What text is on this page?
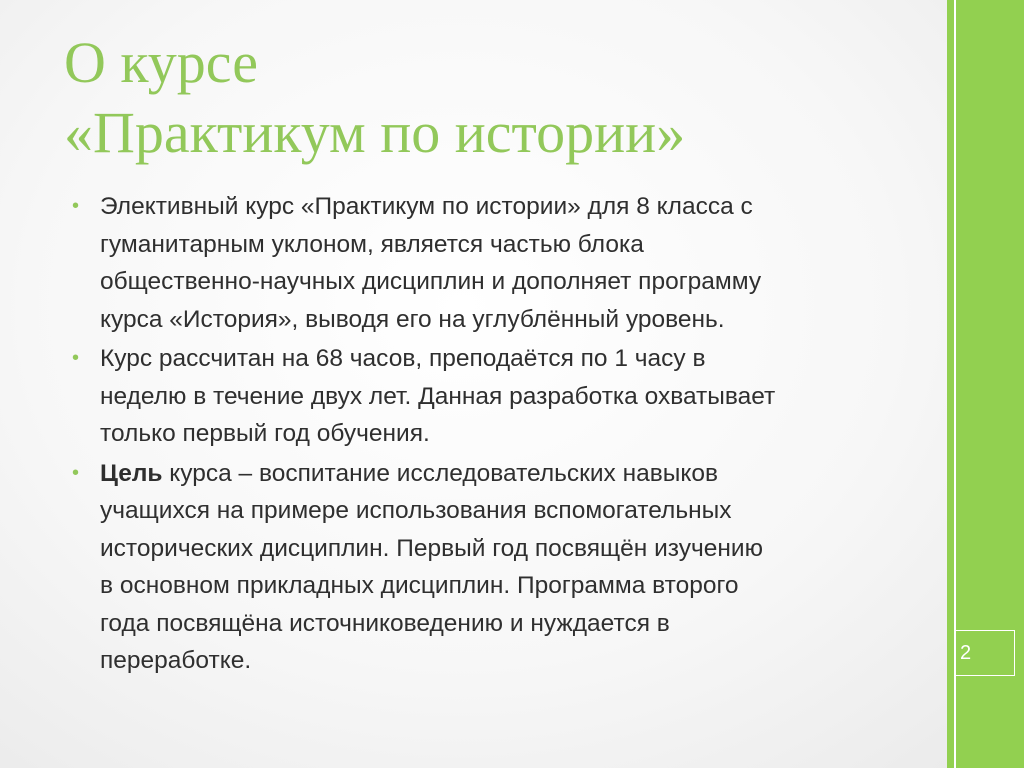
2
О курсе
«Практикум по истории»
• Элективный курс «Практикум по истории» для 8 класса с
гуманитарным уклоном, является частью блока
общественно-научных дисциплин и дополняет программу
курса «История», выводя его на углублённый уровень.
• Курс рассчитан на 68 часов, преподаётся по 1 часу в
неделю в течение двух лет. Данная разработка охватывает
только первый год обучения.
• Цель курса – воспитание исследовательских навыков
учащихся на примере использования вспомогательных
исторических дисциплин. Первый год посвящён изучению
в основном прикладных дисциплин. Программа второго
года посвящёна источниковедению и нуждается в
переработке.
